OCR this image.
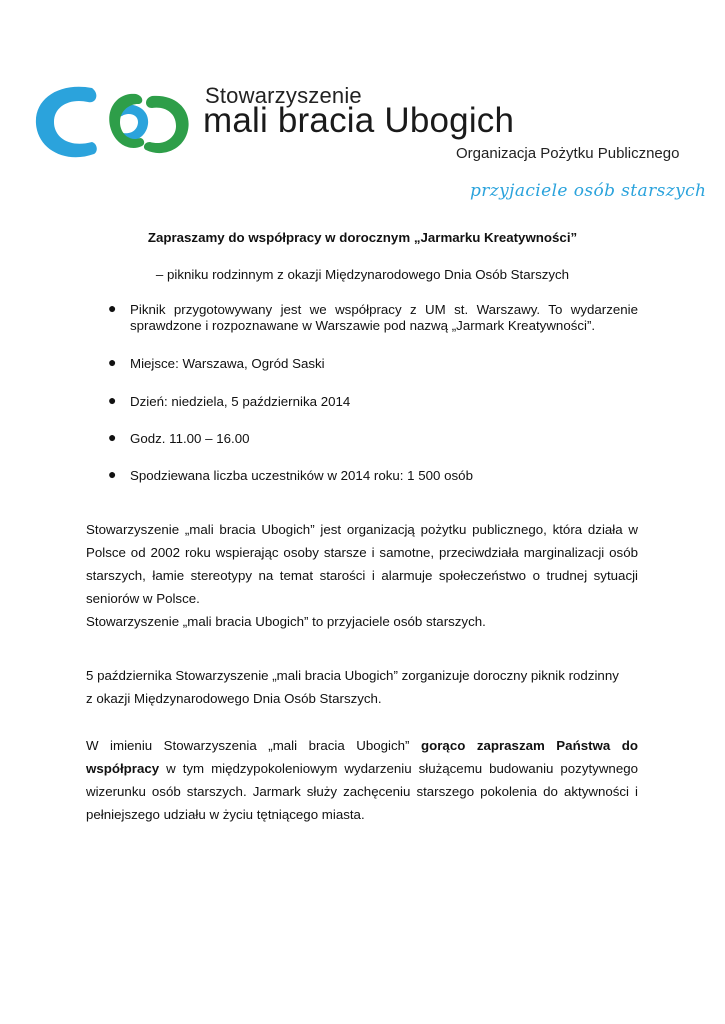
Stowarzyszenie
mali bracia Ubogich
Organizacja Pożytku Publicznego
przyjaciele osób starszych
Zapraszamy do współpracy w dorocznym „Jarmarku Kreatywności”
– pikniku rodzinnym z okazji Międzynarodowego Dnia Osób Starszych
● Piknik przygotowywany jest we współpracy z UM st. Warszawy. To wydarzenie sprawdzone i rozpoznawane w Warszawie pod nazwą „Jarmark Kreatywności”.
● Miejsce: Warszawa, Ogród Saski
● Dzień: niedziela, 5 października 2014
● Godz. 11.00 – 16.00
● Spodziewana liczba uczestników w 2014 roku: 1 500 osób
Stowarzyszenie „mali bracia Ubogich” jest organizacją pożytku publicznego, która działa w Polsce od 2002 roku wspierając osoby starsze i samotne, przeciwdziała marginalizacji osób starszych, łamie stereotypy na temat starości i alarmuje społeczeństwo o trudnej sytuacji seniorów w Polsce.
Stowarzyszenie „mali bracia Ubogich” to przyjaciele osób starszych.
5 października Stowarzyszenie „mali bracia Ubogich” zorganizuje doroczny piknik rodzinny
z okazji Międzynarodowego Dnia Osób Starszych.
W imieniu Stowarzyszenia „mali bracia Ubogich” gorąco zapraszam Państwa do współpracy w tym międzypokoleniowym wydarzeniu służącemu budowaniu pozytywnego wizerunku osób starszych. Jarmark służy zachęceniu starszego pokolenia do aktywności i pełniejszego udziału w życiu tętniącego miasta.
